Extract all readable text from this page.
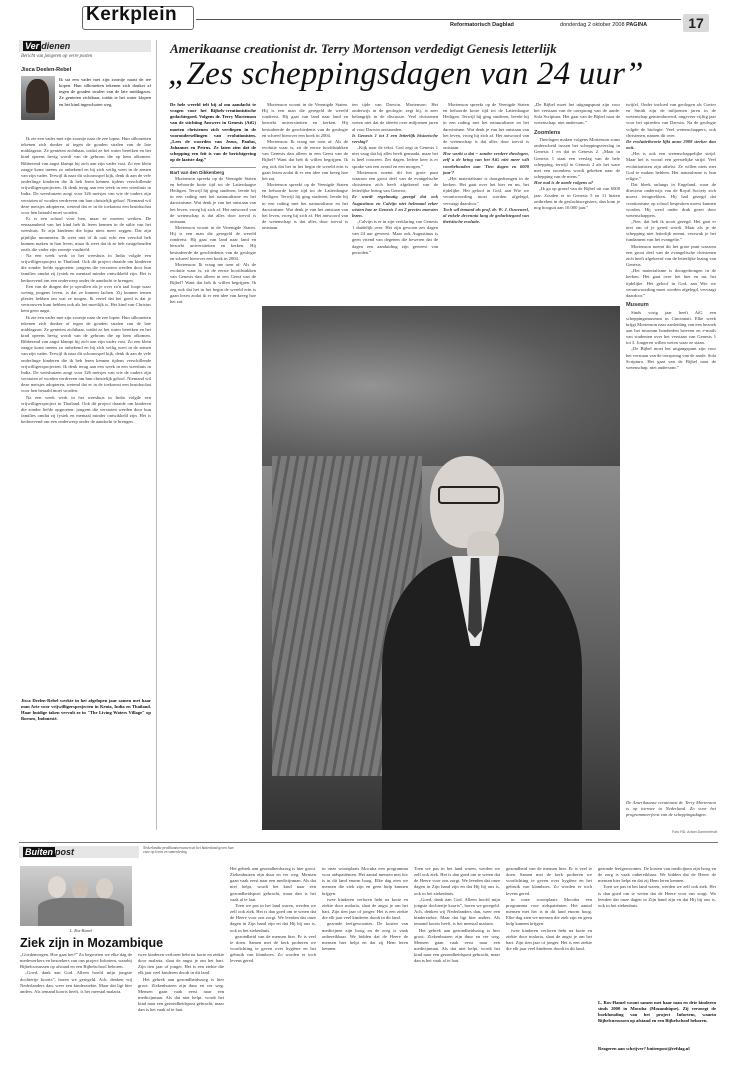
Kerkplein	Reformatorisch Dagblad	donderdag 2 oktober 2008 PAGINA	17
Ver dienen
Bericht van jongeren op verre posten
Jisca Deelen-Rebel

Ik sta een vader met zijn zoontje naast de tee kopen. Hun silhouetten tekenen zich donker af tegen de gouden stralen van de late middagzon. Ze genieten zichtbaar, totdat ie het water klopen en het kind ingeschoten weg.

Ik zie een vader met zijn zoontje naar de zee lopen. Hun silhouetten tekenen zich donker af tegen de gouden stralen van de late middagzon. Ze genieten zichtbaar, totdat ze het water bereiken en het kind opeens hevig wordt van de gebrom die op hem afkomen. Bibberend van angst klampt hij zich aan zijn vader vast. Zo een klein zaagje komt ineens zo onbekend en hij zich veilig weet in de armen van zijn vader. Terwijl ik naar dit schouwspel kijk, denk ik aan de vele onderlinge kinderen die ik heb leren kennen tijdens verschillende vrijwilligersprojecten. Ik denk terug aan een week in een weeshuis in India. De weeshuizen zorgt voor 326 meisjes van wie de ouders zijn verstoten of worden verdreven om hun christelijk geloof. Niemand wil deze meisjes adopteren, wetend dat er in de toekomst een bruidsschat voor hen betaald moet worden.

Er is een school voor hen, maar ze moeten werken. De eenzaamheid van het kind heb ik leren kennen in de stilte van het weeshuis. Er zijn kinderen die bijna niets meer zeggen. Dat zijn pijnlijke momenten. Ik weet niet of ik ooit echt een verschil heb kunnen maken in hun leven, maar ik weet dat ik ze heb vastgehouden zoals die vader zijn zoontje vasthield.

Na een week werk in het weeshuis in India volgde een vrijwilligersproject in Thailand. Ook dit project draaide om kinderen die zonder liefde opgroeien: jongens die verstoten werden door hun families omdat zij fysiek en mentaal minder ontwikkeld zijn. Het is bedroevend om een onderwerp onder de aandacht te brengen.

Een van de dingen die je opvallen als je over zo'n taal loopt waar weinig jongens leven, is dat ze kunnen lachen. Zij kunnen iemen plezier hebben om wat ze mogen. Ik vertel dat het goed is dat je vertrouwen kunt hebben ook als het moeilijk is. Het kind van Christus kent geen angst.

Ik zie een vader met zijn zoontje naar de zee lopen. Hun silhouetten tekenen zich donker af tegen de gouden stralen van de late middagzon. Ze genieten zichtbaar, totdat ze het water bereiken en het kind opeens hevig wordt van de gebrom die op hem afkomen. Bibberend van angst klampt hij zich aan zijn vader vast. Zo een klein zaagje komt ineens zo onbekend en hij zich veilig weet in de armen van zijn vader. Terwijl ik naar dit schouwspel kijk, denk ik aan de vele onderlinge kinderen die ik heb leren kennen tijdens verschillende vrijwilligersprojecten. Ik denk terug aan een week in een weeshuis in India. De weeshuizen zorgt voor 326 meisjes van wie de ouders zijn verstoten of worden verdreven om hun christelijk geloof. Niemand wil deze meisjes adopteren, wetend dat er in de toekomst een bruidsschat voor hen betaald moet worden.

Na een week werk in het weeshuis in India volgde een vrijwilligersproject in Thailand. Ook dit project draaide om kinderen die zonder liefde opgroeien: jongens die verstoten werden door hun families omdat zij fysiek en mentaal minder ontwikkeld zijn. Het is bedroevend om een onderwerp onder de aandacht te brengen.

Jisca Deelen-Rebel werkte in het afgelopen jaar samen met haar man Arie voor vrijwilligersprojecten in Kenia, India en Thailand. Haar huidige taken vervult ze in "The Living Waters Village" op Borneo, Indonesië.

Amerikaanse creationist dr. Terry Mortenson verdedigt Genesis letterlijk
„Zes scheppingsdagen van 24 uur”

De hele wereld telt bij al om aandacht te vragen voor het Bijbels-creationistische gedachtegoed. Volgens dr. Terry Mortenson van de stichting Answers in Genesis (AiG) moeten christenen zich verdiepen in de voorondersellingen van evolutionisten. „Lees de woorden van Jezus, Paulus, Johannes en Petrus. Ze laten zien dat de schepping een feit is van de berichtgeving op de laatste dag.”

Bart van den Dikkenberg

Mortenson spreekt op de Veenigde Staten en behoorde korte tijd tot de Latterdaagse Heiligen. Terwijl hij ging studeren, leerde hij in een rading met het natuuralisme en het darwinisme. Wat denk je van het ontstaan van het leven, vroeg hij zich af. Het antwoord van de wetenschap is dat alles door toeval is ontstaan.

Mortenson woont in de Verenigde Staten. Hij is een man die geregeld de wereld rondreist. Hij gaat van land naar land en bezoekt universiteiten en kerken. Hij bestudeerde de geschiedenis van de geologie en schreef hierover een boek in 2004.

Mortenson: Ik vraag me toen af: Als de evolutie waar is, zit de eerste hoofdstukken van Genesis dan alleen in een Geest van de Bijbel? Want dat heb ik willen begrijpen. Ik zeg ook dat het in het begin de wereld erin is gaan lezen zodat ik er een idee van kreeg hoe het zat.

Mortenson woont in de Verenigde Staten. Hij is een man die geregeld de wereld rondreist. Hij gaat van land naar land en bezoekt universiteiten en kerken. Hij bestudeerde de geschiedenis van de geologie en schreef hierover een boek in 2004.

Mortenson: Ik vraag me toen af: Als de evolutie waar is, zit de eerste hoofdstukken van Genesis dan alleen in een Geest van de Bijbel? Want dat heb ik willen begrijpen. Ik zeg ook dat het in het begin de wereld erin is gaan lezen zodat ik er een idee van kreeg hoe het zat.

Mortenson spreekt op de Veenigde Staten en behoorde korte tijd tot de Latterdaagse Heiligen. Terwijl hij ging studeren, leerde hij in een rading met het natuuralisme en het darwinisme. Wat denk je van het ontstaan van het leven, vroeg hij zich af. Het antwoord van de wetenschap is dat alles door toeval is ontstaan.

ten tijde van Darwin. Mortenson: Het onderwijs in de geologie, zegt hij, is zeer belangrijk in de discussie. Veel christenen weten niet dat de ideeën over miljoenen jaren al voor Darwin ontstonden.

Is Genesis 1 tot 3 een letterlijk historische verslag?

„Kijk naar de tekst. God zegt in Genesis 1 niet vaag dat hij alles heeft gemaakt, maar het is heel concreet. Zes dagen. Iedere keer is er sprake van een avond en een morgen.”

Mortenson noemt dit het grote punt waarom een groot deel van de evangelische christenen zich heeft afgekeerd van de letterlijke lezing van Genesis.

Er wordt regelmatig gezegd dat ook Augustinus en Calvijn niet helemaal zeker wisten hoe ze Genesis 1 en 2 precies moesten lezen.

„Calvijn is er in zijn verklaring van Genesis 1 duidelijk over. Het zijn gewoon zes dagen van 24 uur geweest. Maar ook Augustinus is geen vriend van degenen die beweren dat de dagen een aanduiding zijn geweest van perioden.”

Mortenson spreekt op de Veenigde Staten en behoorde korte tijd tot de Latterdaagse Heiligen. Terwijl hij ging studeren, leerde hij in een rading met het natuuralisme en het darwinisme. Wat denk je van het ontstaan van het leven, vroeg hij zich af. Het antwoord van de wetenschap is dat alles door toeval is ontstaan.

Hoe werkt u dat ~ zonder verdere theologen, zelf u de kring van het AiG niet meer wilt voorbehouden aan 'Tien dagen en 6000 jaar'?

„Het materialisme is doorgedrongen in de kerken. Het gaat over het hier en nu, het tijdelijke. Het geloof in God, aan Wie we verantwoording moet worden afgelegd, vervaagt daardoor.”

Toch wil iemand als prof. dr. W. J. Ouweneel, al enkele decennia lang de gedachtegoed van theïstische evolutie.

„De Bijbel moet het uitgangspunt zijn voor het verstaan van de oorsprong van de aarde. Sola Scriptura. Het gaat van de Bijbel naar de wetenschap, niet andersom.”

Zoomlens

Theologen maken volgens Mortenson soms onderscheid tussen het scheppingsverslag in Genesis 1 en dat in Genesis 2. „Maar in Genesis 1 staat een verslag van de hele schepping, terwijl in Genesis 2 als het ware met een zoomlens wordt gekeken naar de schepping van de mens.”

Hoe oud is de aarde volgens u?

„Ik ga op grond van de Bijbel uit van 6000 jaar. Zouden er in Genesis 5 en 11 hiaten ontbreken in de geslachtsregisters, dan kom je nog hooguit aan 10.000 jaar.”

twijfel. Onder invloed van geologen als Cuvier en Smith zijn de miljoenen jaren in de wetenschap geïntroduceerd, ongeveer vijftig jaar voor het optreden van Darwin. Na de geologie volgde de biologie. Veel wetenschappers, ook christenen, namen dit over.

De evolutietheorie lijkt anno 2008 sterker dan ooit.

„Het is ook een wetenschappelijke strijd. Maar het is vooral een geestelijke strijd. Veel evolutionisten zijn atheïst. Ze willen niets met God te maken hebben. Het naturalisme is hun religie.”

Dat bleek onlangs in Engeland, waar de directeur onderwijs van de Royal Society zich moest terugtrekken. Hij had gezegd dat creationisme op school besproken moest kunnen worden. Hij werd onder druk gezet door wetenschappers.

„Nee, dat heb ik nooit gezegd. Het gaat er niet om of je gered wordt. Maar als je de schepping niet letterlijk neemt, verzwak je het fundament van het evangelie.”

Mortenson noemt dit het grote punt waarom een groot deel van de evangelische christenen zich heeft afgekeerd van de letterlijke lezing van Genesis.

„Het materialisme is doorgedrongen in de kerken. Het gaat over het hier en nu, het tijdelijke. Het geloof in God, aan Wie we verantwoording moet worden afgelegd, vervaagt daardoor.”

Museum

Sinds vorig jaar heeft AiG een scheppingsmuseum in Cincinnati. Elke week krijgt Mortenson naar aanleiding van een bezoek aan het museum honderden brieven en e-mails van studenten over het verstaan van Genesis 1 tot 3. Jongeren willen weten waar ze staan.

„De Bijbel moet het uitgangspunt zijn voor het verstaan van de oorsprong van de aarde. Sola Scriptura. Het gaat van de Bijbel naar de wetenschap, niet andersom.”

De Amerikaanse creationist dr. Terry Mortenson is op toernee in Nederland. Zo voor het programmeerfeest van de scheppingsdagen.

Foto RD, Anton Dommerholt
Buiten post	Nederlandse predikantsvrouwen uit het buitenland geven hun visie op leven en samenleving
L. Ros-Hamel
Ziek zijn in Mozambique

„Goedemorgen. Hoe gaat het?” Zo begroeten we elke dag de medewerkers en bezoekers van ons project Infortem, waarbij Bijbelcursussen op afstand en een Bijbelschool behoren.

„Goed, dank aan God. Alleen hoofd mijn jongste dochtertje koorts”, horen we geregeld. Ach, denken wij Nederlanders dan, weer een kinderziekte. Maar dat ligt hier anders. Als iemand koorts heeft, is het meestal malaria.

twee kinderen verloren hebt na korte en ziekte door malaria, slaat de angst je om het hart. Zijn tien jaar of jonger. Het is een ziekte die elk jaar veel kinderen doodt in dit land.

Het gebrek aan gezondheidszorg is hier groot. Ziekenhuizen zijn duur en ver weg. Mensen gaan vaak eerst naar een medicijnman. Als dat niet helpt, wordt het kind naar een gezondheidspost gebracht, maar dan is het vaak al te laat.

Het gebrek aan gezondheidszorg is hier groot. Ziekenhuizen zijn duur en ver weg. Mensen gaan vaak eerst naar een medicijnman. Als dat niet helpt, wordt het kind naar een gezondheidspost gebracht, maar dan is het vaak al te laat.

Toen we pas in het land waren, werden we zelf ook ziek. Het is dan goed om te weten dat de Heere voor ons zorgt. We leerden dat onze dagen in Zijn hand zijn en dat Hij bij ons is, ook in het ziekenhuis.

gezondheid van de mensen hier. Er is veel te doen. Samen met de kerk proberen we voorlichting te geven over hygiëne en het gebruik van klamboes. Zo worden er toch levens gered.

in onze woonplaats Mocuba een programma voor aidspatiënten. Het aantal mensen met hiv is in dit land enorm hoog. Elke dag zien we mensen die ziek zijn en geen hulp kunnen krijgen.

twee kinderen verloren hebt na korte en ziekte door malaria, slaat de angst je om het hart. Zijn tien jaar of jonger. Het is een ziekte die elk jaar veel kinderen doodt in dit land.

gezonde leefgewoontes. De kosten van medicijnen zijn hoog en de zorg is vaak onbereikbaar. We bidden dat de Heere de mensen hier helpt en dat zij Hem leren kennen.

Toen we pas in het land waren, werden we zelf ook ziek. Het is dan goed om te weten dat de Heere voor ons zorgt. We leerden dat onze dagen in Zijn hand zijn en dat Hij bij ons is, ook in het ziekenhuis.

„Goed, dank aan God. Alleen hoofd mijn jongste dochtertje koorts”, horen we geregeld. Ach, denken wij Nederlanders dan, weer een kinderziekte. Maar dat ligt hier anders. Als iemand koorts heeft, is het meestal malaria.

Het gebrek aan gezondheidszorg is hier groot. Ziekenhuizen zijn duur en ver weg. Mensen gaan vaak eerst naar een medicijnman. Als dat niet helpt, wordt het kind naar een gezondheidspost gebracht, maar dan is het vaak al te laat.

gezondheid van de mensen hier. Er is veel te doen. Samen met de kerk proberen we voorlichting te geven over hygiëne en het gebruik van klamboes. Zo worden er toch levens gered.

in onze woonplaats Mocuba een programma voor aidspatiënten. Het aantal mensen met hiv is in dit land enorm hoog. Elke dag zien we mensen die ziek zijn en geen hulp kunnen krijgen.

twee kinderen verloren hebt na korte en ziekte door malaria, slaat de angst je om het hart. Zijn tien jaar of jonger. Het is een ziekte die elk jaar veel kinderen doodt in dit land.

gezonde leefgewoontes. De kosten van medicijnen zijn hoog en de zorg is vaak onbereikbaar. We bidden dat de Heere de mensen hier helpt en dat zij Hem leren kennen.

Toen we pas in het land waren, werden we zelf ook ziek. Het is dan goed om te weten dat de Heere voor ons zorgt. We leerden dat onze dagen in Zijn hand zijn en dat Hij bij ons is, ook in het ziekenhuis.

L. Ros-Hamel woont samen met haar man en drie kinderen sinds 2000 in Mocuba (Mozambique). Zij verzorgt de boekhouding van het project Infortem, waarin Bijbelcursussen op afstand en een Bijbelschool behoren.

Reageren aan schrijver? buitenpost@refdag.nl
